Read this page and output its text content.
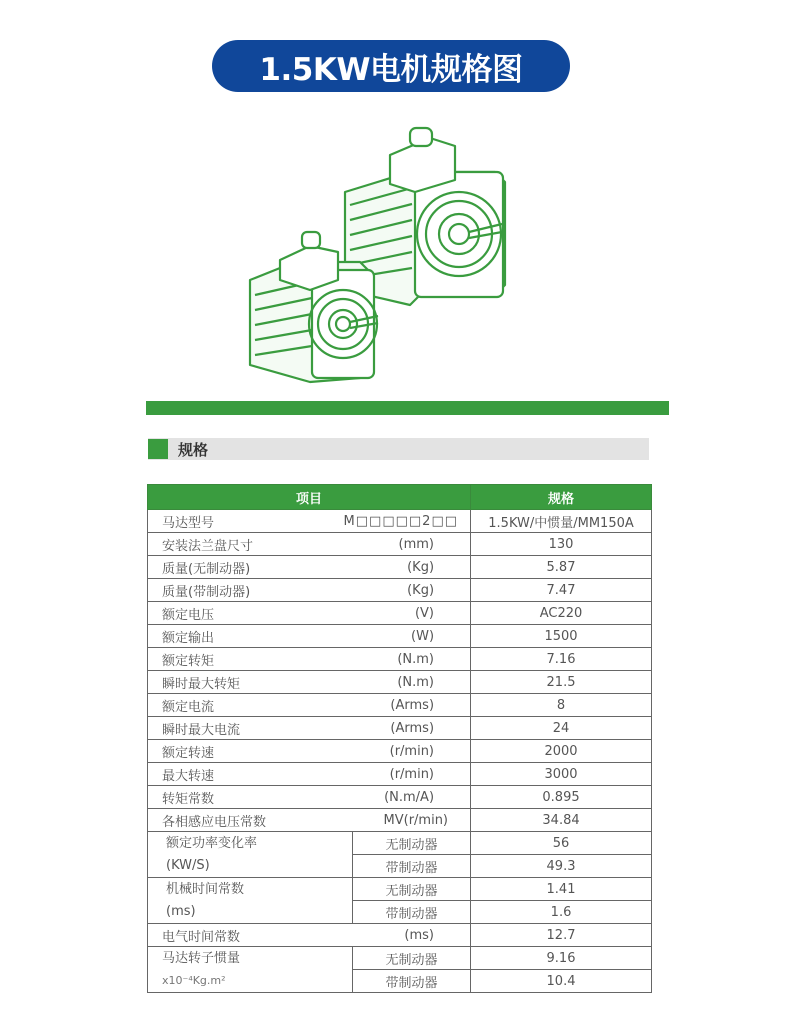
1.5KW电机规格图
规格
项目		规格

马达型号 M□□□□□2□□		1.5KW/中惯量/MM150A

安装法兰盘尺寸 (mm)		130

质量(无制动器) (Kg)		5.87

质量(带制动器) (Kg)		7.47

额定电压 (V)		AC220

额定输出 (W)		1500

额定转矩 (N.m)		7.16

瞬时最大转矩 (N.m)		21.5

额定电流 (Arms)		8

瞬时最大电流 (Arms)		24

额定转速 (r/min)		2000

最大转速 (r/min)		3000

转矩常数 (N.m/A)		0.895

各相感应电压常数 MV(r/min)		34.84

额定功率变化率
(KW/S)	无制动器	56
	带制动器	49.3

机械时间常数
(ms)	无制动器	1.41
	带制动器	1.6

电气时间常数 (ms)		12.7

马达转子惯量
x10⁻⁴Kg.m²	无制动器	9.16
	带制动器	10.4
